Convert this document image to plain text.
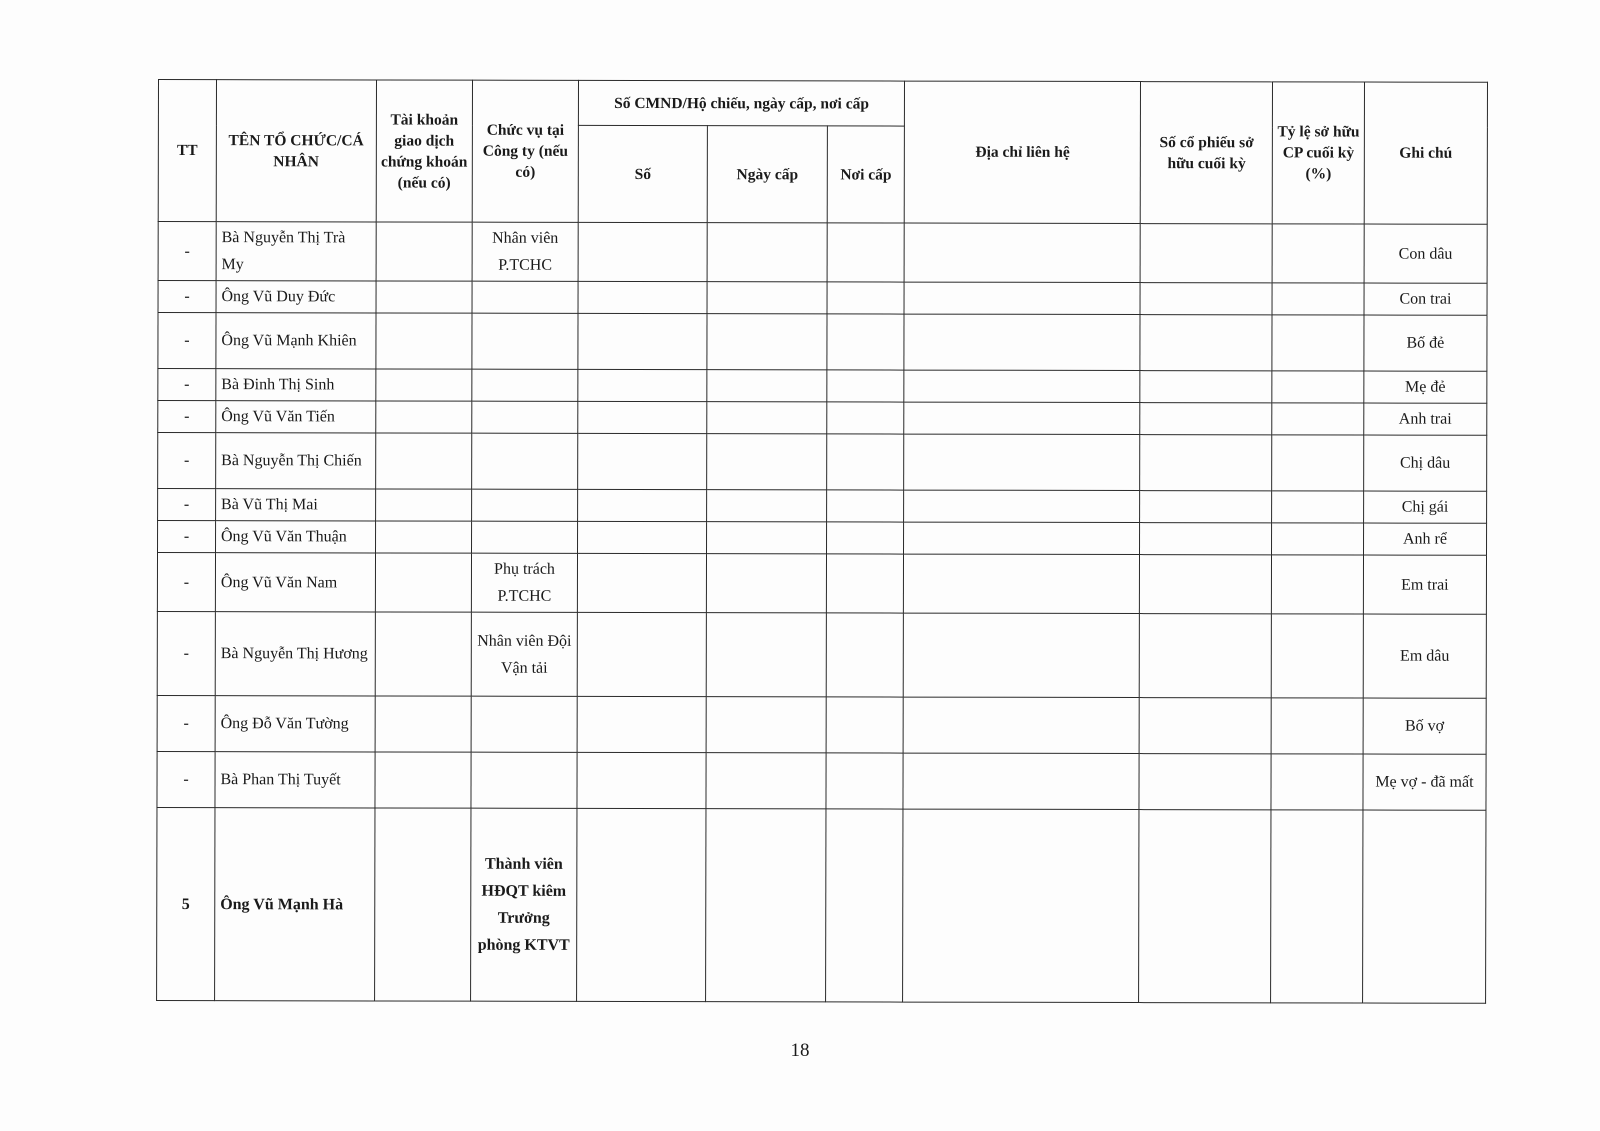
TT	TÊN TỔ CHỨC/CÁ NHÂN	Tài khoản giao dịch chứng khoán (nếu có)	Chức vụ tại Công ty (nếu có)	Số CMND/Hộ chiếu, ngày cấp, nơi cấp			Địa chỉ liên hệ	Số cổ phiếu sở hữu cuối kỳ	Tỷ lệ sở hữu CP cuối kỳ (%)	Ghi chú
				Số	Ngày cấp	Nơi cấp				
-	Bà Nguyễn Thị Trà My		Nhân viên P.TCHC							Con dâu
-	Ông Vũ Duy Đức									Con trai
-	Ông Vũ Mạnh Khiên									Bố đẻ
-	Bà Đinh Thị Sinh									Mẹ đẻ
-	Ông Vũ Văn Tiến									Anh trai
-	Bà Nguyễn Thị Chiến									Chị dâu
-	Bà Vũ Thị Mai									Chị gái
-	Ông Vũ Văn Thuận									Anh rể
-	Ông Vũ Văn Nam		Phụ trách P.TCHC							Em trai
-	Bà Nguyễn Thị Hương		Nhân viên Đội Vận tải							Em dâu
-	Ông Đỗ Văn Tường									Bố vợ
-	Bà Phan Thị Tuyết									Mẹ vợ - đã mất
5	Ông Vũ Mạnh Hà		Thành viên HĐQT kiêm Trưởng phòng KTVT							
18
